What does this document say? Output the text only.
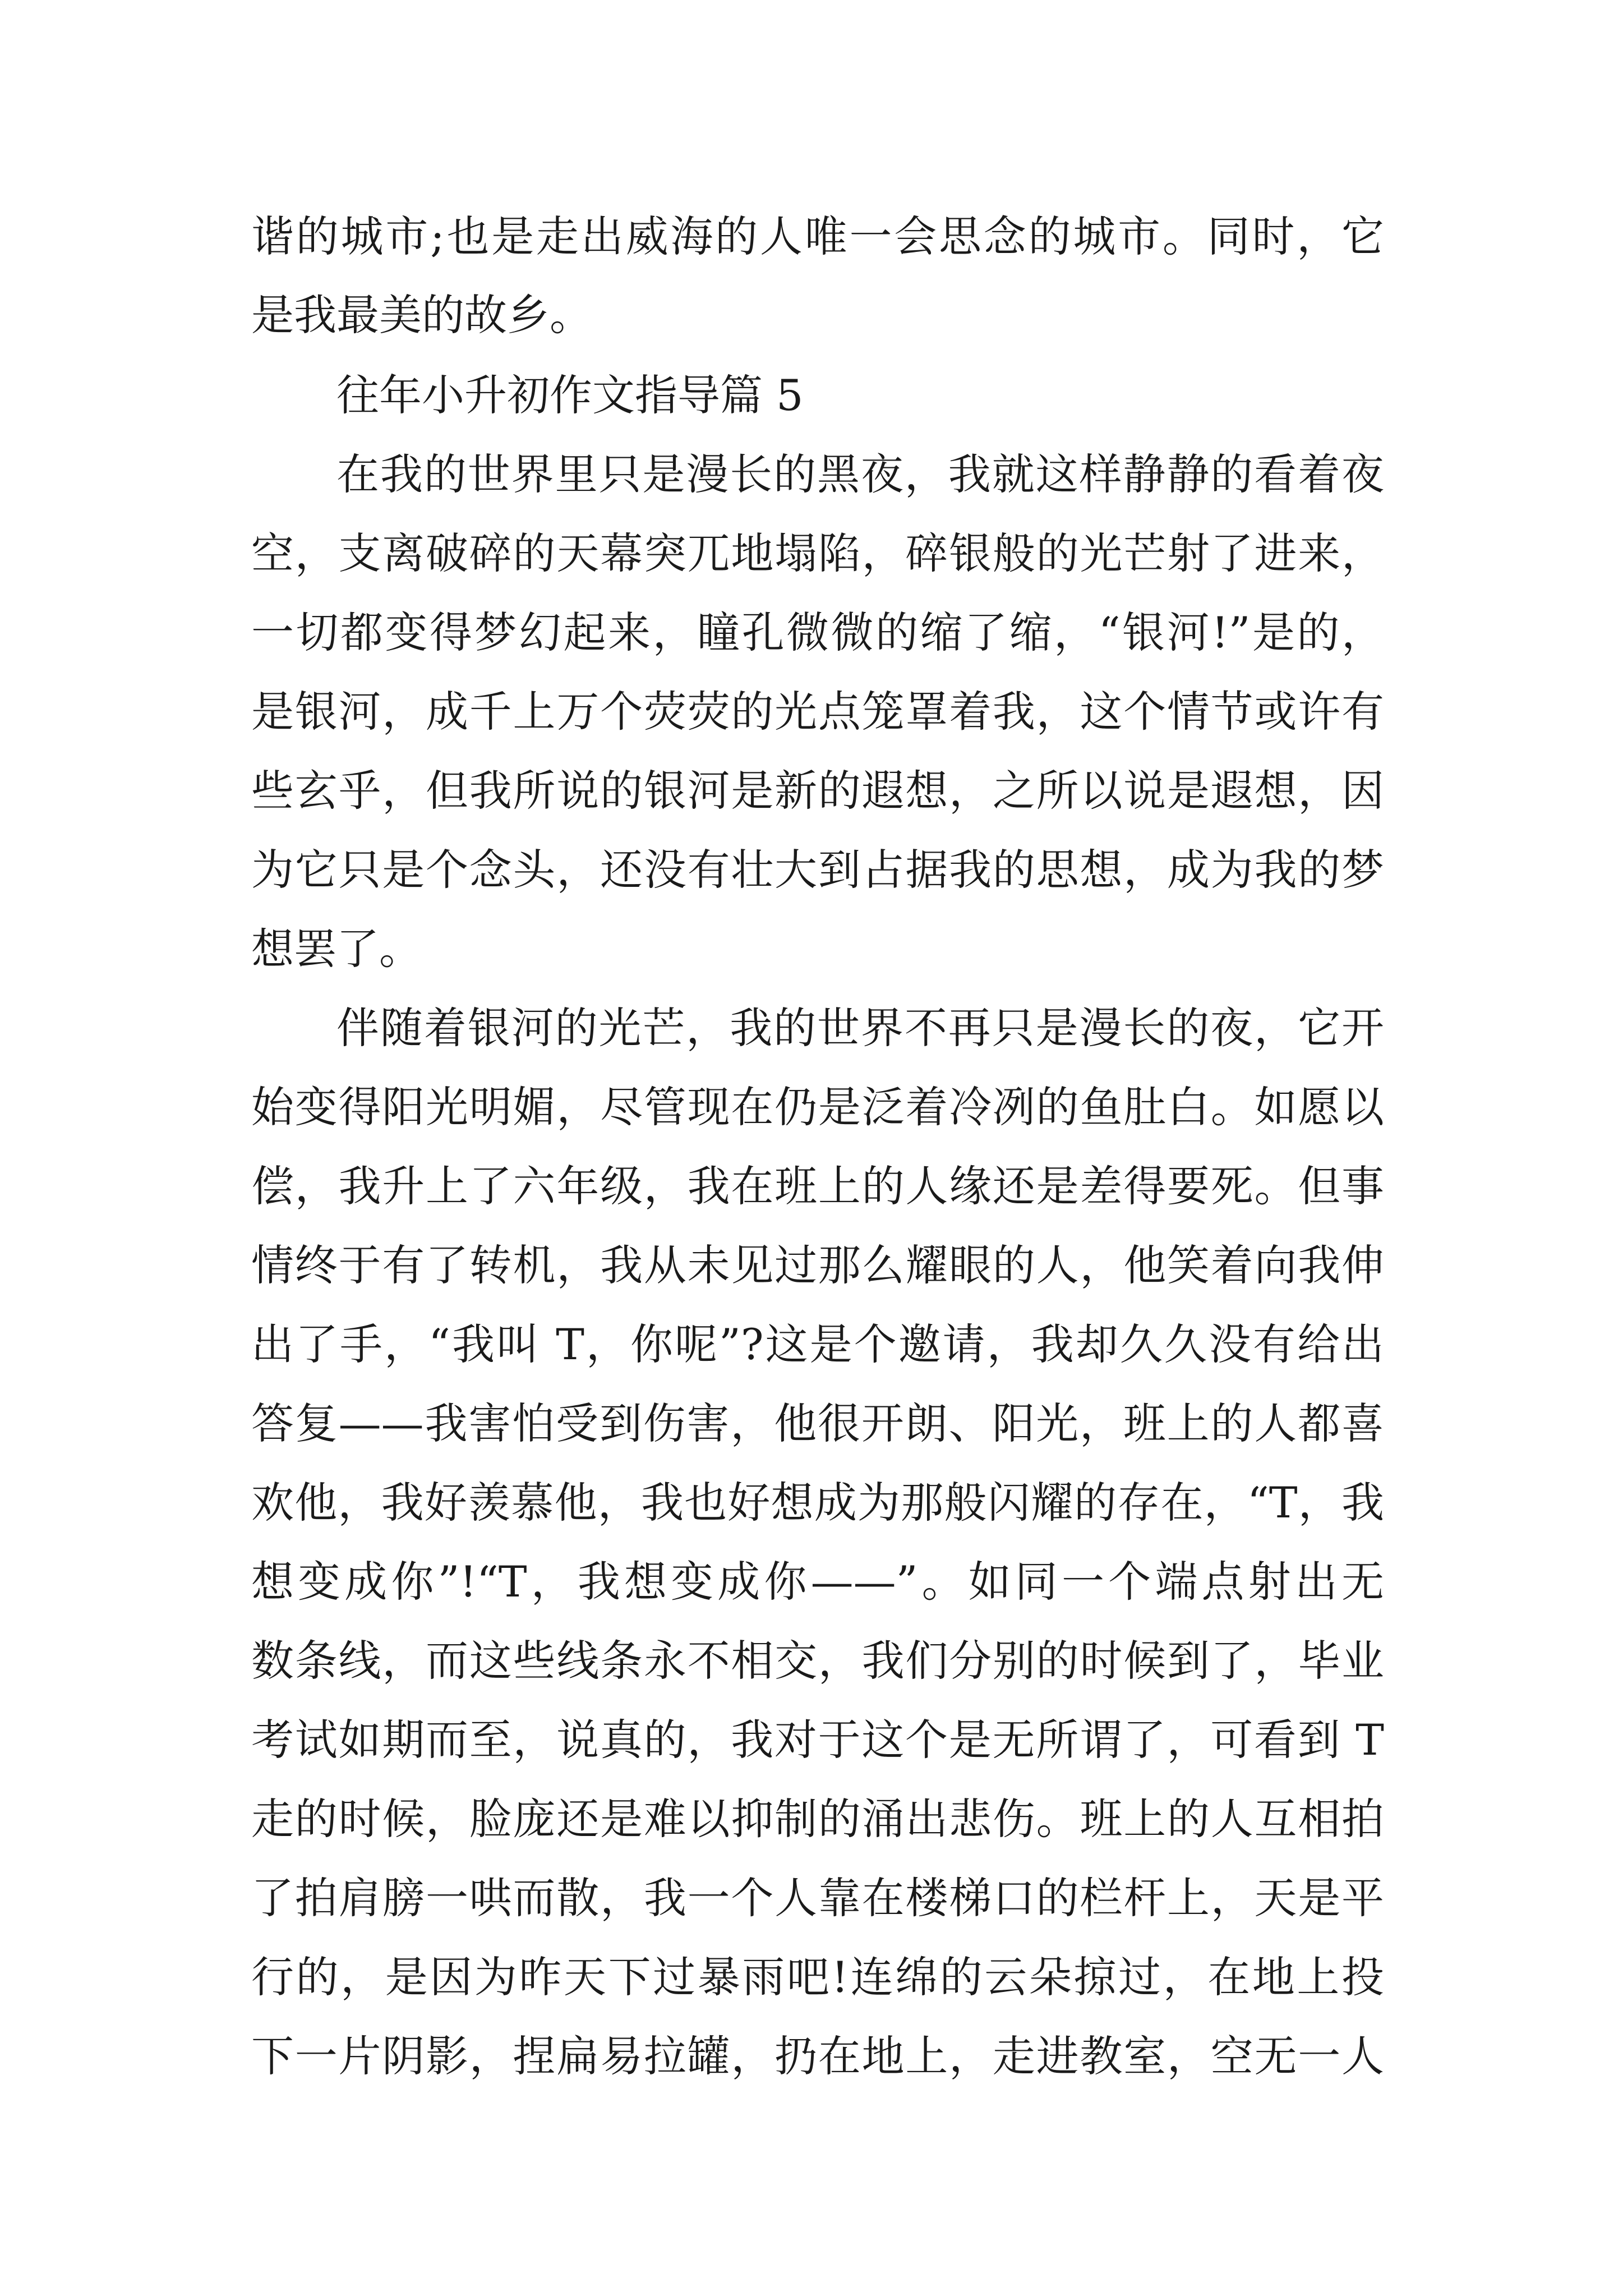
谐的城市;也是走出威海的人唯一会思念的城市。同时，它
是我最美的故乡。
往年小升初作文指导篇 5
在我的世界里只是漫长的黑夜，我就这样静静的看着夜
空，支离破碎的天幕突兀地塌陷，碎银般的光芒射了进来，
一切都变得梦幻起来，瞳孔微微的缩了缩，“银河!”是的，
是银河，成千上万个荧荧的光点笼罩着我，这个情节或许有
些玄乎，但我所说的银河是新的遐想，之所以说是遐想，因
为它只是个念头，还没有壮大到占据我的思想，成为我的梦
想罢了。
伴随着银河的光芒，我的世界不再只是漫长的夜，它开
始变得阳光明媚，尽管现在仍是泛着冷冽的鱼肚白。如愿以
偿，我升上了六年级，我在班上的人缘还是差得要死。但事
情终于有了转机，我从未见过那么耀眼的人，他笑着向我伸
出了手，“我叫 T，你呢”?这是个邀请，我却久久没有给出
答复——我害怕受到伤害，他很开朗、阳光，班上的人都喜
欢他，我好羡慕他，我也好想成为那般闪耀的存在，“T，我
想变成你”!“T，我想变成你——”。如同一个端点射出无
数条线，而这些线条永不相交，我们分别的时候到了，毕业
考试如期而至，说真的，我对于这个是无所谓了，可看到 T
走的时候，脸庞还是难以抑制的涌出悲伤。班上的人互相拍
了拍肩膀一哄而散，我一个人靠在楼梯口的栏杆上，天是平
行的，是因为昨天下过暴雨吧!连绵的云朵掠过，在地上投
下一片阴影，捏扁易拉罐，扔在地上，走进教室，空无一人
